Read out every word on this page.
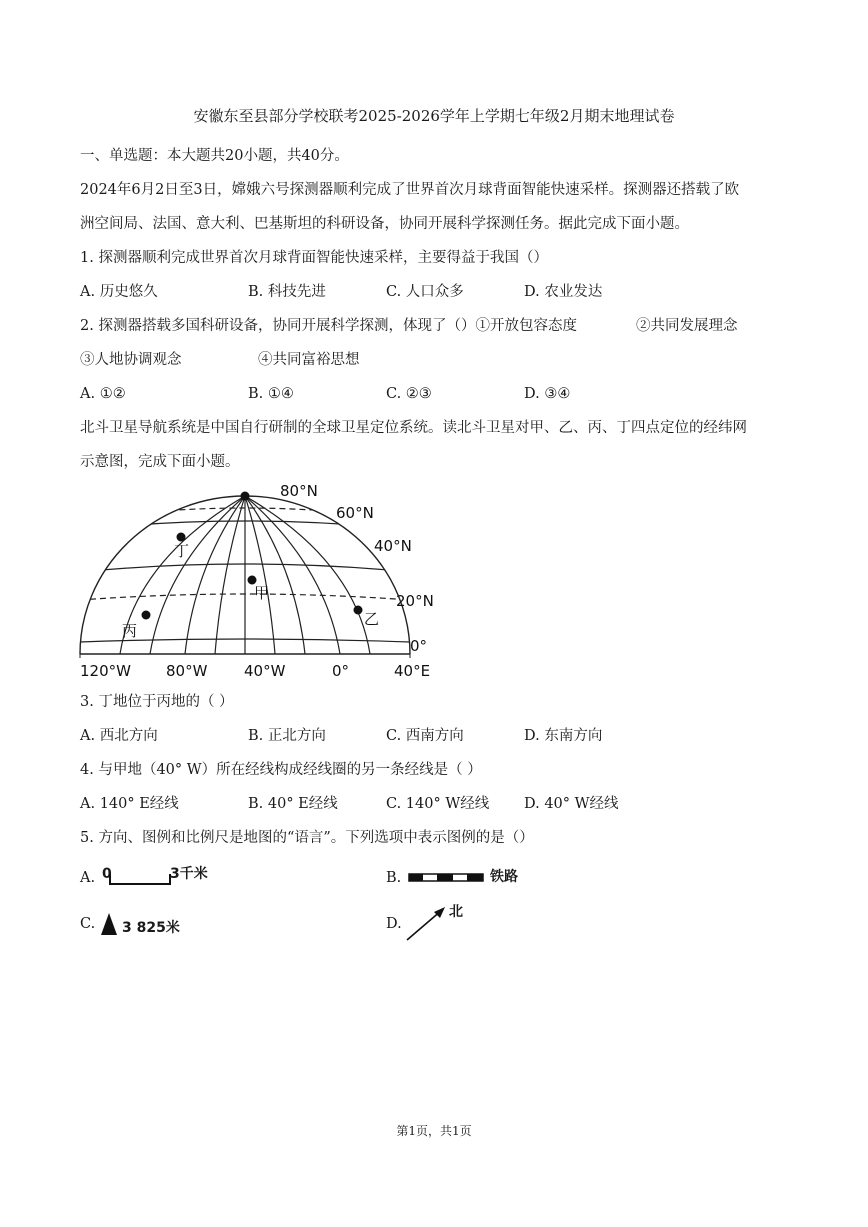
安徽东至县部分学校联考2025-2026学年上学期七年级2月期末地理试卷
一、单选题：本大题共20小题，共40分。
2024年6月2日至3日，嫦娥六号探测器顺利完成了世界首次月球背面智能快速采样。探测器还搭载了欧
洲空间局、法国、意大利、巴基斯坦的科研设备，协同开展科学探测任务。据此完成下面小题。
1. 探测器顺利完成世界首次月球背面智能快速采样，主要得益于我国（）
A. 历史悠久	B. 科技先进	C. 人口众多	D. 农业发达
2. 探测器搭载多国科研设备，协同开展科学探测，体现了（）①开放包容态度	②共同发展理念
③人地协调观念	④共同富裕思想
A. ①②	B. ①④	C. ②③	D. ③④
北斗卫星导航系统是中国自行研制的全球卫星定位系统。读北斗卫星对甲、乙、丙、丁四点定位的经纬网
示意图，完成下面小题。
丁
甲
丙
乙
80°N
60°N
40°N
20°N
0°
120°W 80°W 40°W	0°	40°E
3. 丁地位于丙地的（ ）
A. 西北方向	B. 正北方向	C. 西南方向	D. 东南方向
4. 与甲地（40° W）所在经线构成经线圈的另一条经线是（ ）
A. 140° E经线	B. 40° E经线	C. 140° W经线 D. 40° W经线
5. 方向、图例和比例尺是地图的“语言”。下列选项中表示图例的是（）
A. 0	3千米	B.	铁路
C. 3 825米	D.
北
第1页，共1页
